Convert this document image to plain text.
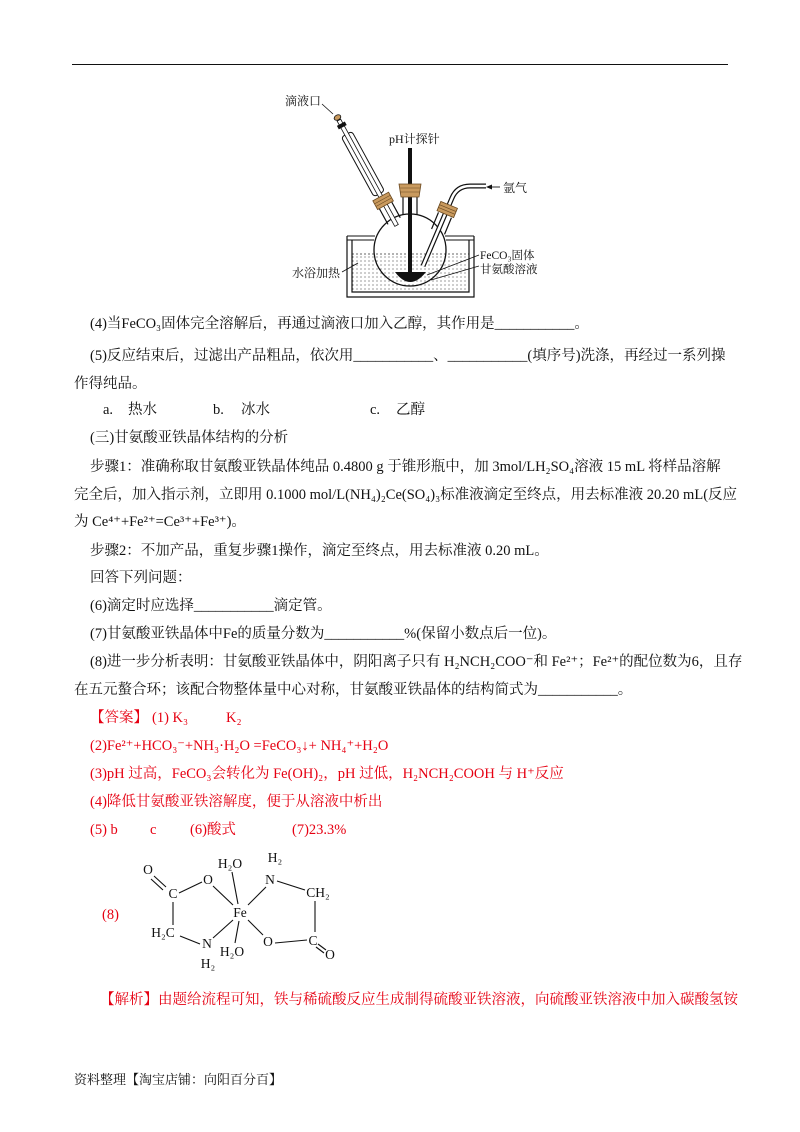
滴液口
pH计探针
氩气
FeCO₃固体
甘氨酸溶液
水浴加热
(4)当FeCO₃固体完全溶解后，再通过滴液口加入乙醇，其作用是___________。
(5)反应结束后，过滤出产品粗品，依次用___________、___________(填序号)洗涤，再经过一系列操
作得纯品。
a. 热水	b. 冰水	c. 乙醇
(三)甘氨酸亚铁晶体结构的分析
步骤1：准确称取甘氨酸亚铁晶体纯品 0.4800 g 于锥形瓶中，加 3mol/LH₂SO₄溶液 15 mL 将样品溶解
完全后，加入指示剂，立即用 0.1000 mol/L(NH₄)₂Ce(SO₄)₃标准液滴定至终点，用去标准液 20.20 mL(反应
为 Ce⁴⁺+Fe²⁺=Ce³⁺+Fe³⁺)。
步骤2：不加产品，重复步骤1操作，滴定至终点，用去标准液 0.20 mL。
回答下列问题：
(6)滴定时应选择___________滴定管。
(7)甘氨酸亚铁晶体中Fe的质量分数为___________%(保留小数点后一位)。
(8)进一步分析表明：甘氨酸亚铁晶体中，阴阳离子只有 H₂NCH₂COO⁻和 Fe²⁺；Fe²⁺的配位数为6，且存
在五元螯合环；该配合物整体量中心对称，甘氨酸亚铁晶体的结构简式为___________。
【答案】 (1) K₃	K₂
(2)Fe²⁺+HCO₃⁻+NH₃·H₂O =FeCO₃↓+ NH₄⁺+H₂O
(3)pH 过高，FeCO₃会转化为 Fe(OH)₂，pH 过低，H₂NCH₂COOH 与 H⁺反应
(4)降低甘氨酸亚铁溶解度，便于从溶液中析出
(5) b c (6)酸式	(7)23.3%
(8)
O
C
O
H₂O
Fe
N
H₂
CH₂
C
O
O
H₂O
N
H₂
H₂C
【解析】由题给流程可知，铁与稀硫酸反应生成制得硫酸亚铁溶液，向硫酸亚铁溶液中加入碳酸氢铵
资料整理【淘宝店铺：向阳百分百】
